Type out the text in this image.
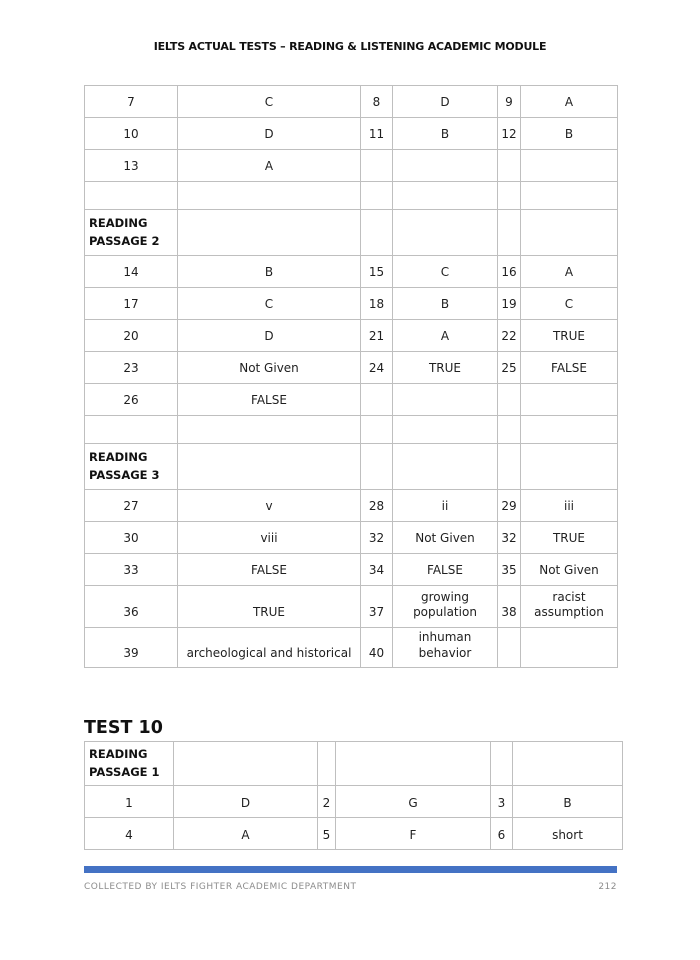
IELTS ACTUAL TESTS – READING & LISTENING ACADEMIC MODULE
7	C	8	D	9	A
10	D	11	B	12	B
13	A				

READING PASSAGE 2					
14	B	15	C	16	A
17	C	18	B	19	C
20	D	21	A	22	TRUE
23	Not Given	24	TRUE	25	FALSE
26	FALSE				

READING PASSAGE 3					
27	v	28	ii	29	iii
30	viii	32	Not Given	32	TRUE
33	FALSE	34	FALSE	35	Not Given
36	TRUE	37	growing population	38	racist assumption
39	archeological and historical	40	inhuman behavior		
TEST 10
READING PASSAGE 1					
1	D	2	G	3	B
4	A	5	F	6	short
COLLECTED BY IELTS FIGHTER ACADEMIC DEPARTMENT	212
